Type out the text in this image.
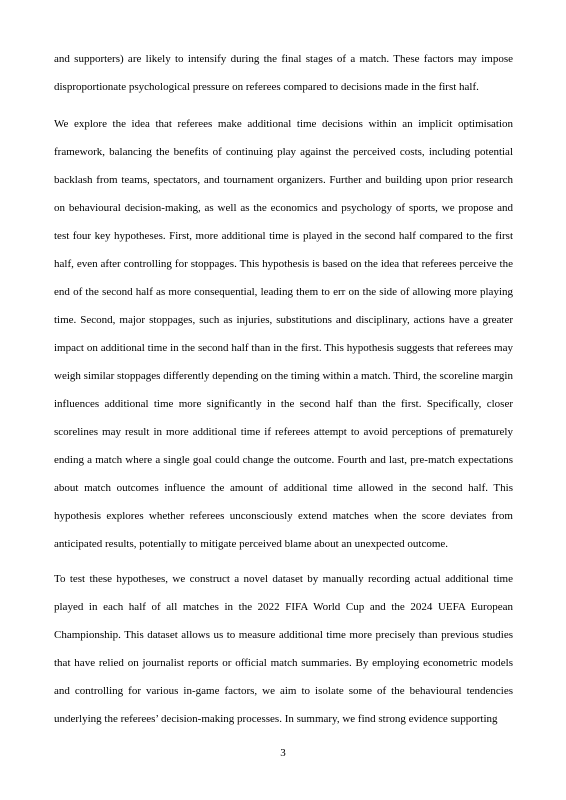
and supporters) are likely to intensify during the final stages of a match. These factors may impose disproportionate psychological pressure on referees compared to decisions made in the first half.

We explore the idea that referees make additional time decisions within an implicit optimisation framework, balancing the benefits of continuing play against the perceived costs, including potential backlash from teams, spectators, and tournament organizers. Further and building upon prior research on behavioural decision-making, as well as the economics and psychology of sports, we propose and test four key hypotheses. First, more additional time is played in the second half compared to the first half, even after controlling for stoppages. This hypothesis is based on the idea that referees perceive the end of the second half as more consequential, leading them to err on the side of allowing more playing time. Second, major stoppages, such as injuries, substitutions and disciplinary, actions have a greater impact on additional time in the second half than in the first. This hypothesis suggests that referees may weigh similar stoppages differently depending on the timing within a match. Third, the scoreline margin influences additional time more significantly in the second half than the first. Specifically, closer scorelines may result in more additional time if referees attempt to avoid perceptions of prematurely ending a match where a single goal could change the outcome. Fourth and last, pre-match expectations about match outcomes influence the amount of additional time allowed in the second half. This hypothesis explores whether referees unconsciously extend matches when the score deviates from anticipated results, potentially to mitigate perceived blame about an unexpected outcome.

To test these hypotheses, we construct a novel dataset by manually recording actual additional time played in each half of all matches in the 2022 FIFA World Cup and the 2024 UEFA European Championship. This dataset allows us to measure additional time more precisely than previous studies that have relied on journalist reports or official match summaries. By employing econometric models and controlling for various in-game factors, we aim to isolate some of the behavioural tendencies underlying the referees’ decision-making processes. In summary, we find strong evidence supporting

3
